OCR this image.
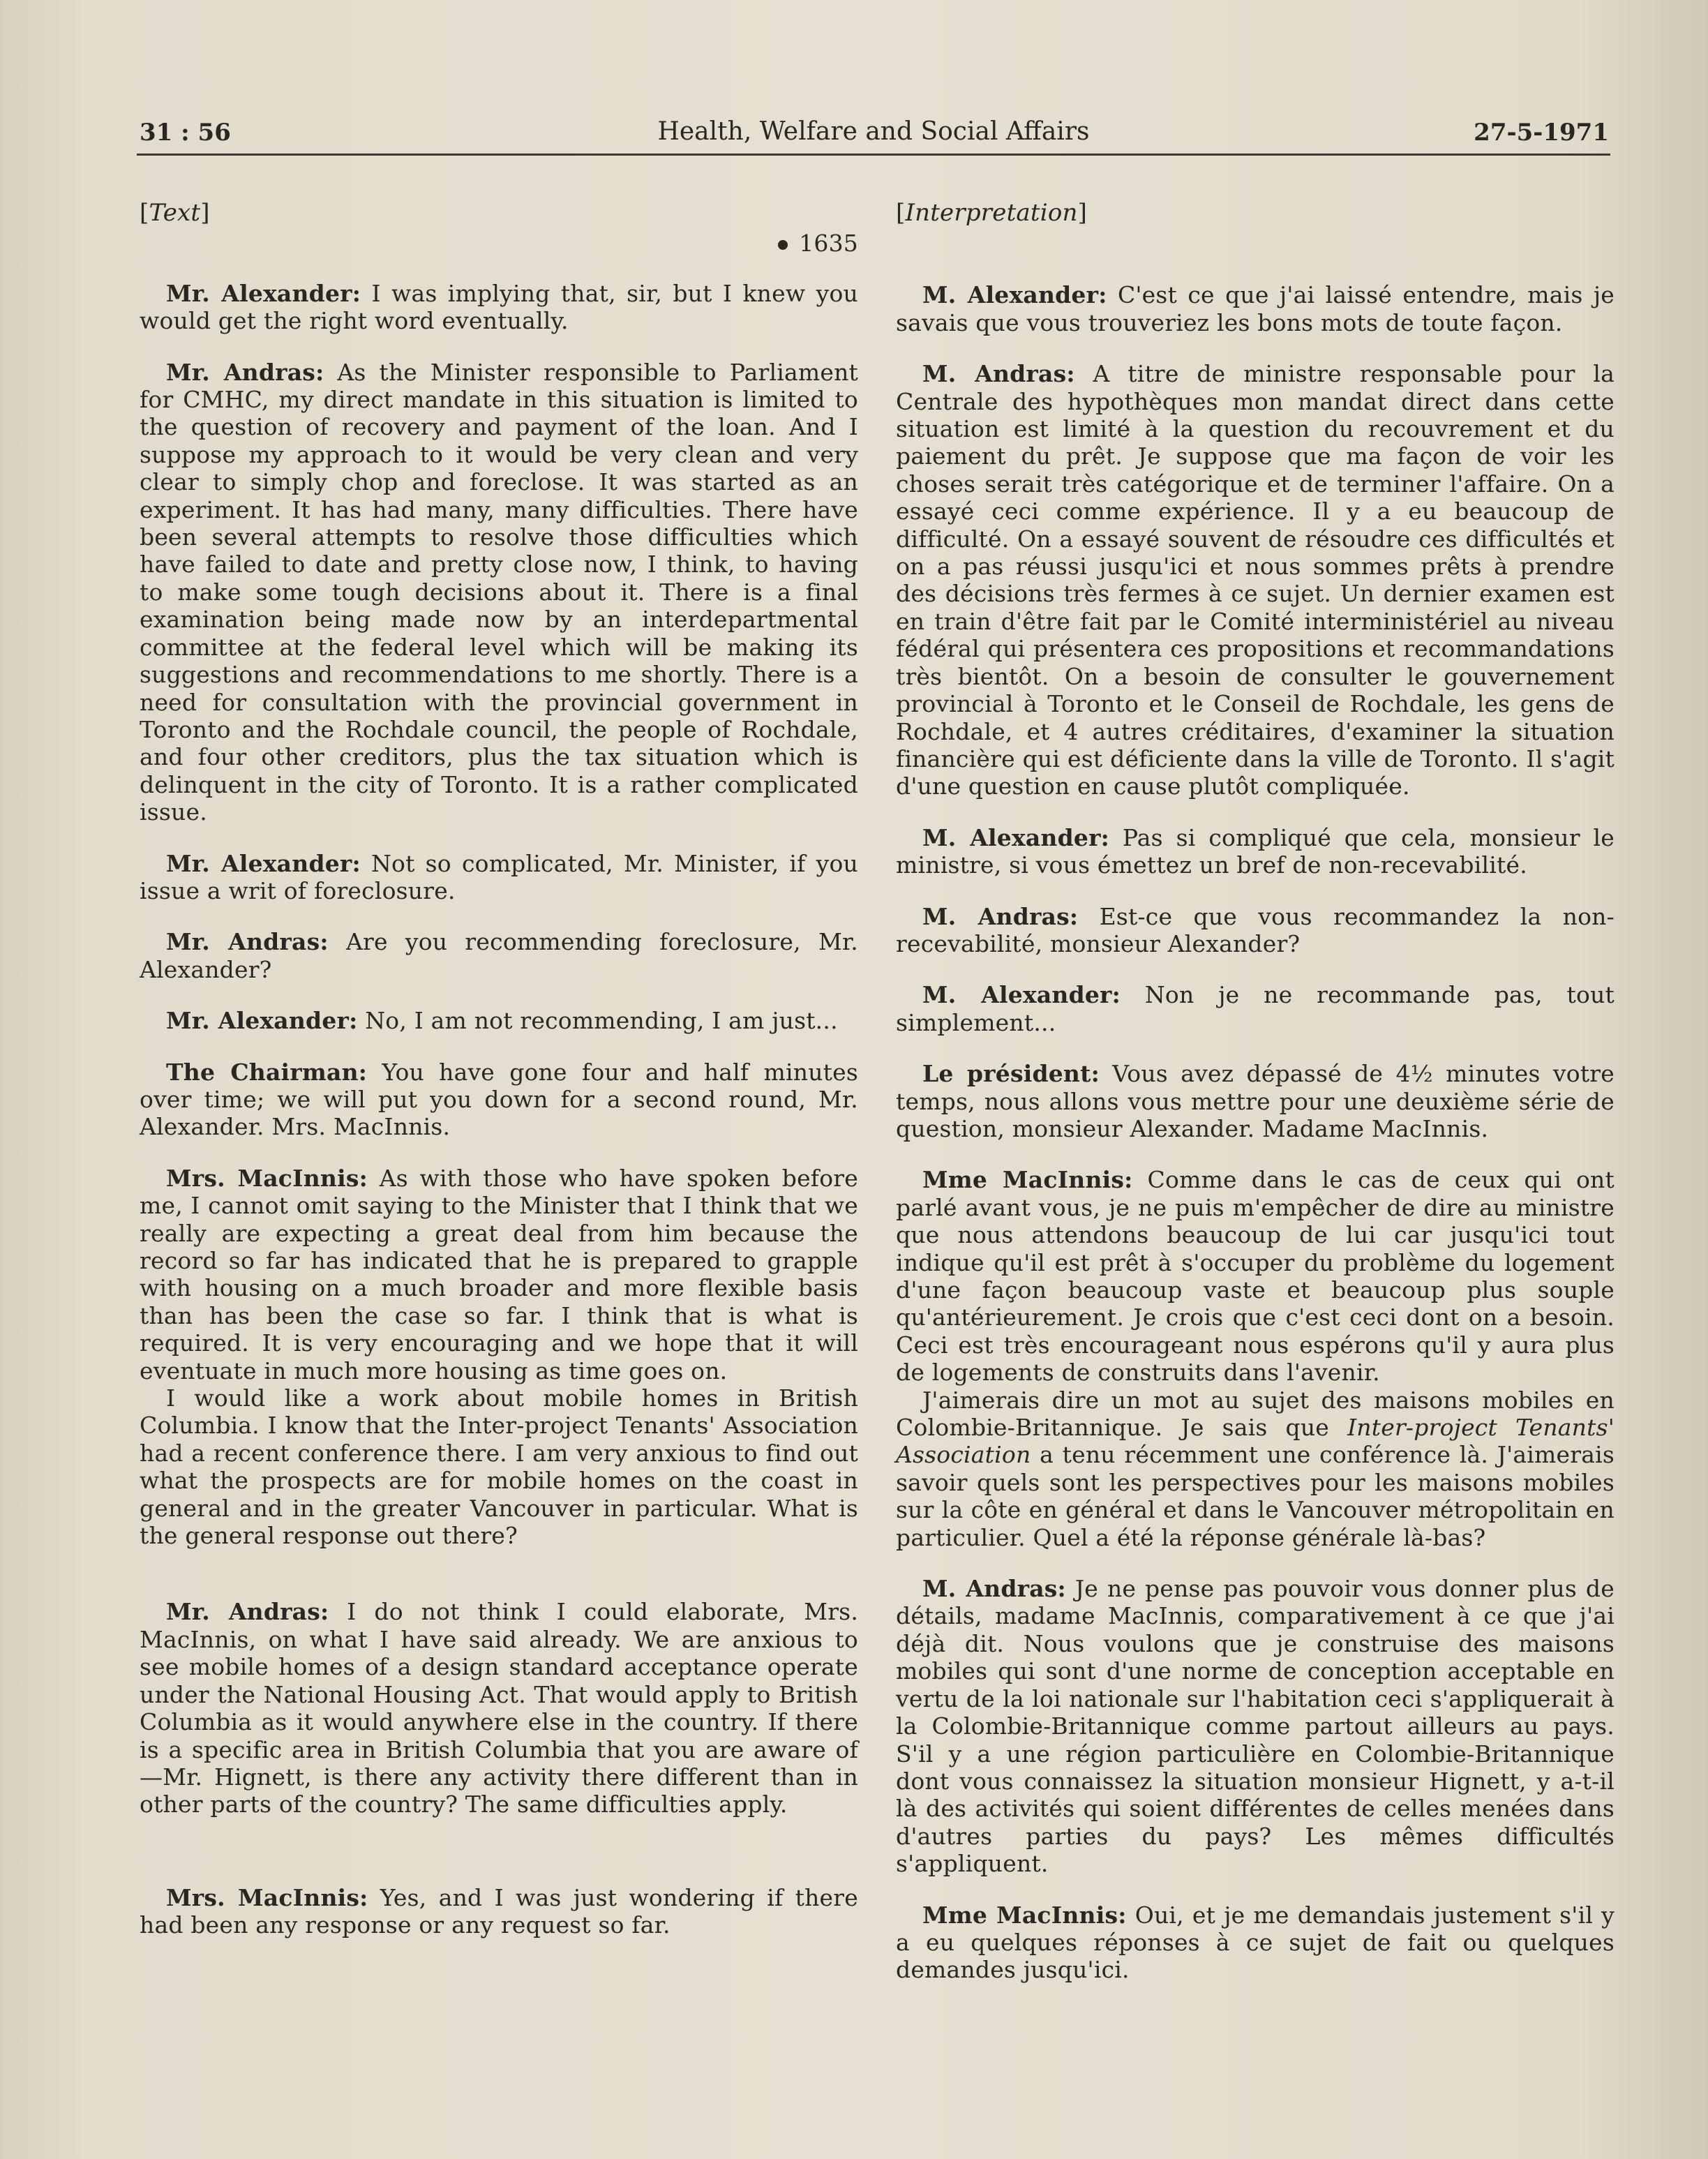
31 : 56	Health, Welfare and Social Affairs	27-5-1971

[Text]

1635

Mr. Alexander: I was implying that, sir, but I knew you would get the right word eventually.

Mr. Andras: As the Minister responsible to Parliament for CMHC, my direct mandate in this situation is limited to the question of recovery and payment of the loan. And I suppose my approach to it would be very clean and very clear to simply chop and foreclose. It was started as an experiment. It has had many, many difficulties. There have been several attempts to resolve those difficulties which have failed to date and pretty close now, I think, to having to make some tough decisions about it. There is a final examination being made now by an interdepartmental committee at the federal level which will be making its suggestions and recommendations to me shortly. There is a need for consultation with the provincial government in Toronto and the Rochdale council, the people of Rochdale, and four other creditors, plus the tax situation which is delinquent in the city of Toronto. It is a rather complicated issue.

Mr. Alexander: Not so complicated, Mr. Minister, if you issue a writ of foreclosure.

Mr. Andras: Are you recommending foreclosure, Mr. Alexander?

Mr. Alexander: No, I am not recommending, I am just...

The Chairman: You have gone four and half minutes over time; we will put you down for a second round, Mr. Alexander. Mrs. MacInnis.

Mrs. MacInnis: As with those who have spoken before me, I cannot omit saying to the Minister that I think that we really are expecting a great deal from him because the record so far has indicated that he is prepared to grapple with housing on a much broader and more flexible basis than has been the case so far. I think that is what is required. It is very encouraging and we hope that it will eventuate in much more housing as time goes on.

I would like a work about mobile homes in British Columbia. I know that the Inter-project Tenants' Association had a recent conference there. I am very anxious to find out what the prospects are for mobile homes on the coast in general and in the greater Vancouver in particular. What is the general response out there?

Mr. Andras: I do not think I could elaborate, Mrs. MacInnis, on what I have said already. We are anxious to see mobile homes of a design standard acceptance operate under the National Housing Act. That would apply to British Columbia as it would anywhere else in the country. If there is a specific area in British Columbia that you are aware of—Mr. Hignett, is there any activity there different than in other parts of the country? The same difficulties apply.

Mrs. MacInnis: Yes, and I was just wondering if there had been any response or any request so far.

[Interpretation]

M. Alexander: C'est ce que j'ai laissé entendre, mais je savais que vous trouveriez les bons mots de toute façon.

M. Andras: A titre de ministre responsable pour la Centrale des hypothèques mon mandat direct dans cette situation est limité à la question du recouvrement et du paiement du prêt. Je suppose que ma façon de voir les choses serait très catégorique et de terminer l'affaire. On a essayé ceci comme expérience. Il y a eu beaucoup de difficulté. On a essayé souvent de résoudre ces difficultés et on a pas réussi jusqu'ici et nous sommes prêts à prendre des décisions très fermes à ce sujet. Un dernier examen est en train d'être fait par le Comité interministériel au niveau fédéral qui présentera ces propositions et recommandations très bientôt. On a besoin de consulter le gouvernement provincial à Toronto et le Conseil de Rochdale, les gens de Rochdale, et 4 autres créditaires, d'examiner la situation financière qui est déficiente dans la ville de Toronto. Il s'agit d'une question en cause plutôt compliquée.

M. Alexander: Pas si compliqué que cela, monsieur le ministre, si vous émettez un bref de non-recevabilité.

M. Andras: Est-ce que vous recommandez la non-recevabilité, monsieur Alexander?

M. Alexander: Non je ne recommande pas, tout simplement...

Le président: Vous avez dépassé de 4½ minutes votre temps, nous allons vous mettre pour une deuxième série de question, monsieur Alexander. Madame MacInnis.

Mme MacInnis: Comme dans le cas de ceux qui ont parlé avant vous, je ne puis m'empêcher de dire au ministre que nous attendons beaucoup de lui car jusqu'ici tout indique qu'il est prêt à s'occuper du problème du logement d'une façon beaucoup vaste et beaucoup plus souple qu'antérieurement. Je crois que c'est ceci dont on a besoin. Ceci est très encourageant nous espérons qu'il y aura plus de logements de construits dans l'avenir.

J'aimerais dire un mot au sujet des maisons mobiles en Colombie-Britannique. Je sais que Inter-project Tenants' Association a tenu récemment une conférence là. J'aimerais savoir quels sont les perspectives pour les maisons mobiles sur la côte en général et dans le Vancouver métropolitain en particulier. Quel a été la réponse générale là-bas?

M. Andras: Je ne pense pas pouvoir vous donner plus de détails, madame MacInnis, comparativement à ce que j'ai déjà dit. Nous voulons que je construise des maisons mobiles qui sont d'une norme de conception acceptable en vertu de la loi nationale sur l'habitation ceci s'appliquerait à la Colombie-Britannique comme partout ailleurs au pays. S'il y a une région particulière en Colombie-Britannique dont vous connaissez la situation monsieur Hignett, y a-t-il là des activités qui soient différentes de celles menées dans d'autres parties du pays? Les mêmes difficultés s'appliquent.

Mme MacInnis: Oui, et je me demandais justement s'il y a eu quelques réponses à ce sujet de fait ou quelques demandes jusqu'ici.
